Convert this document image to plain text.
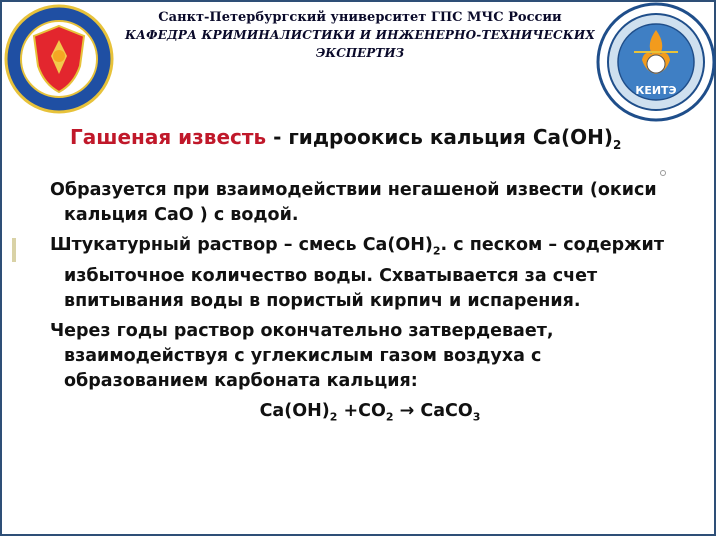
КЕИТЭ
Санкт-Петербургский университет ГПС МЧС России
КАФЕДРА КРИМИНАЛИСТИКИ И ИНЖЕНЕРНО-ТЕХНИЧЕСКИХ
ЭКСПЕРТИЗ
Гашеная известь - гидроокись кальция $Са(ОН)_2$

Образуется при взаимодействии негашеной извести (окиси кальция СаО ) с водой.

Штукатурный раствор – смесь $Са(ОН)_2$. с песком – содержит избыточное количество воды. Схватывается за счет впитывания воды в пористый кирпич и испарения.

Через годы раствор окончательно затвердевает, взаимодействуя с углекислым газом воздуха с образованием карбоната кальция:

$Са(ОН)_2 +СО_2$ → СаСО$_3$
